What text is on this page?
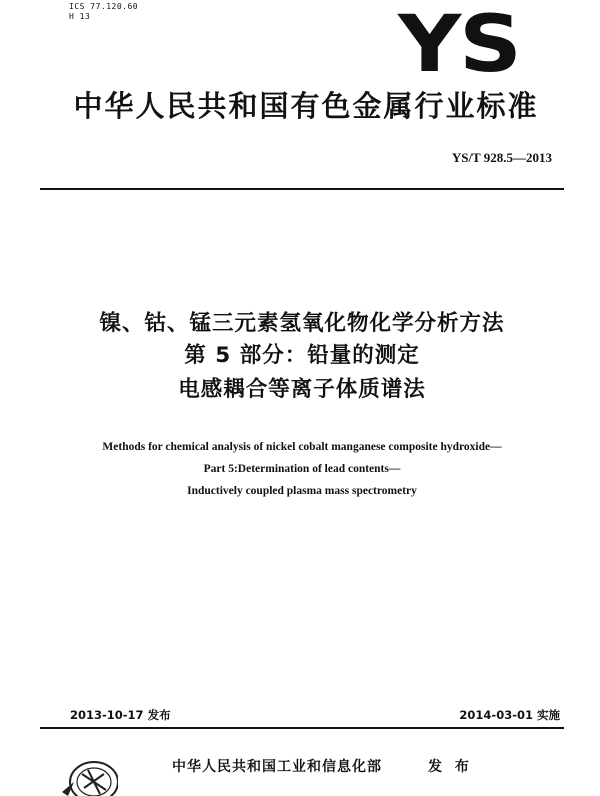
ICS 77.120.60
H 13	YS
中华人民共和国有色金属行业标准
YS/T 928.5—2013
镍、钴、锰三元素氢氧化物化学分析方法
第 5 部分：铅量的测定
电感耦合等离子体质谱法
Methods for chemical analysis of nickel cobalt manganese composite hydroxide—
Part 5:Determination of lead contents—
Inductively coupled plasma mass spectrometry
2013-10-17 发布	2014-03-01 实施
中华人民共和国工业和信息化部	发 布
